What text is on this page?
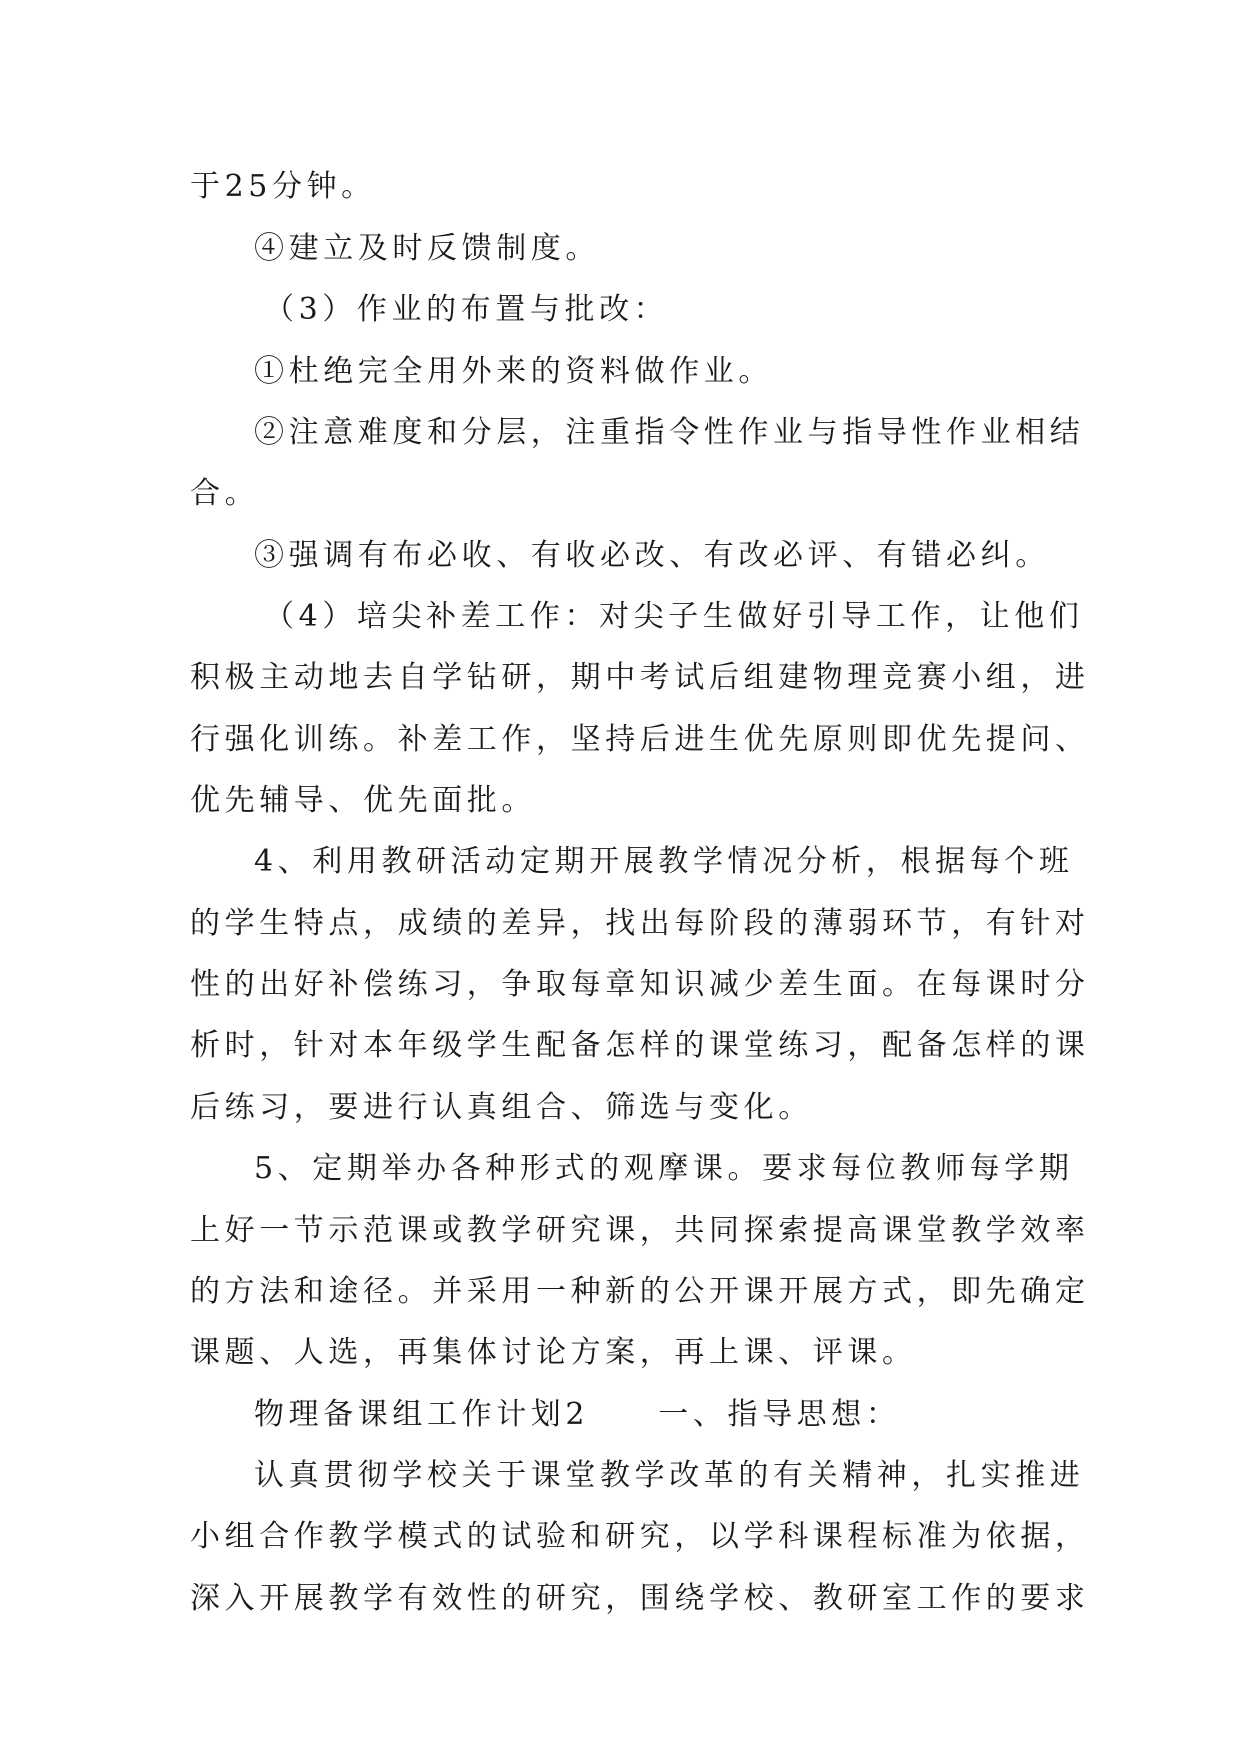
于25分钟。
④建立及时反馈制度。
（3）作业的布置与批改：
①杜绝完全用外来的资料做作业。
②注意难度和分层，注重指令性作业与指导性作业相结
合。
③强调有布必收、有收必改、有改必评、有错必纠。
（4）培尖补差工作：对尖子生做好引导工作，让他们
积极主动地去自学钻研，期中考试后组建物理竞赛小组，进
行强化训练。补差工作，坚持后进生优先原则即优先提问、
优先辅导、优先面批。
4、利用教研活动定期开展教学情况分析，根据每个班
的学生特点，成绩的差异，找出每阶段的薄弱环节，有针对
性的出好补偿练习，争取每章知识减少差生面。在每课时分
析时，针对本年级学生配备怎样的课堂练习，配备怎样的课
后练习，要进行认真组合、筛选与变化。
5、定期举办各种形式的观摩课。要求每位教师每学期
上好一节示范课或教学研究课，共同探索提高课堂教学效率
的方法和途径。并采用一种新的公开课开展方式，即先确定
课题、人选，再集体讨论方案，再上课、评课。
物理备课组工作计划2　　一、指导思想：
认真贯彻学校关于课堂教学改革的有关精神，扎实推进
小组合作教学模式的试验和研究，以学科课程标准为依据，
深入开展教学有效性的研究，围绕学校、教研室工作的要求
